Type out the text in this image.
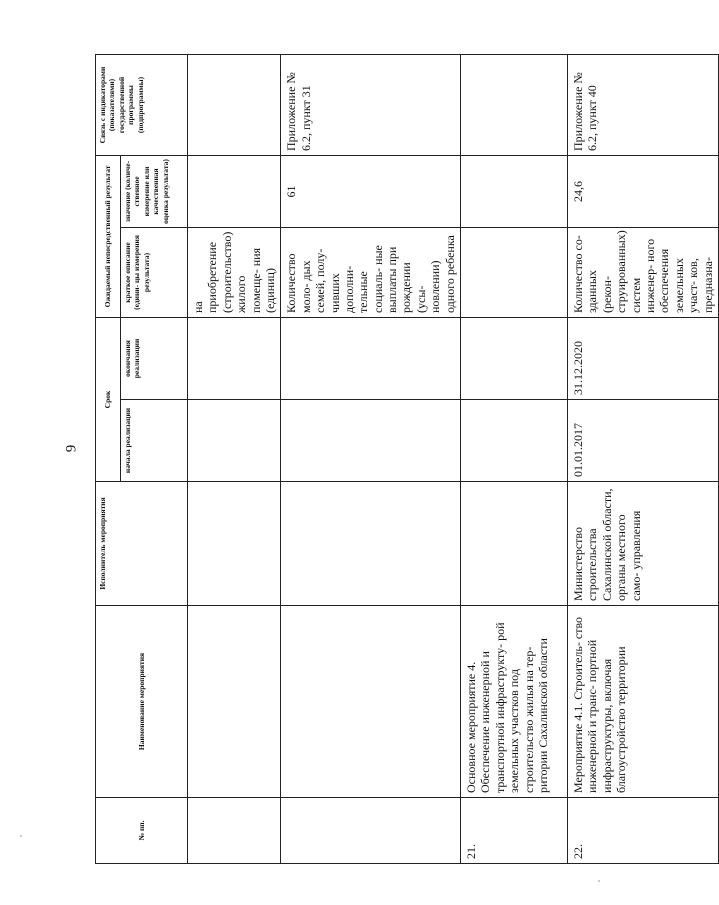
9
№ пп.	Наименование мероприятия	Исполнитель мероприятия	Срок		Ожидаемый непосредственный результат		Связь с индикаторами (показателями) государственной программы (подпрограммы)
			начала реализации	окончания реализации	краткое описание (едини- цы измерения результата)	значение (количе- ственное измерение или качественная оценка результата)	
					на приобретение (строительство) жилого помеще- ния (единиц)		
					Количество моло- дых семей, полу- чивших дополни- тельные социаль- ные выплаты при рождении (усы- новлении) одного ребенка	61	Приложение № 6.2, пункт 31
21.	Основное мероприятие 4. Обеспечение инженерной и транспортной инфраструкту- рой земельных участков под строительство жилья на тер- ритории Сахалинской области						
22.	Мероприятие 4.1. Строитель- ство инженерной и транс- портной инфраструктуры, включая благоустройство территории	Министерство строительства Сахалинской области, органы местного само- управления	01.01.2017	31.12.2020	Количество со- зданных (рекон- струированных) систем инженер- ного обеспечения земельных участ- ков, предназна-	24,6	Приложение № 6.2, пункт 40
